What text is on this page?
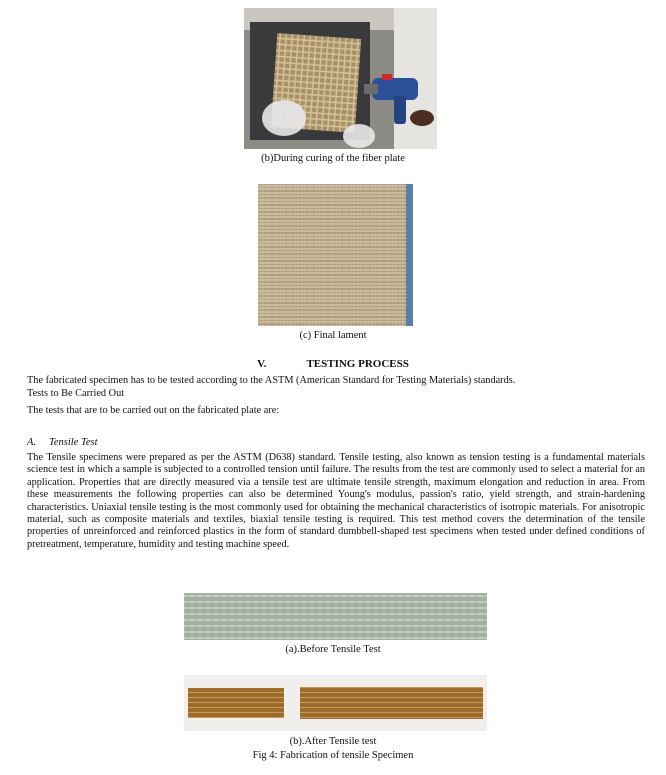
(b)During curing of the fiber plate
(c) Final lament
V.	TESTING PROCESS
The fabricated specimen has to be tested according to the ASTM (American Standard for Testing Materials) standards.
Tests to Be Carried Out
The tests that are to be carried out on the fabricated plate are:
A. Tensile Test
The Tensile specimens were prepared as per the ASTM (D638) standard. Tensile testing, also known as tension testing is a fundamental materials science test in which a sample is subjected to a controlled tension until failure. The results from the test are commonly used to select a material for an application. Properties that are directly measured via a tensile test are ultimate tensile strength, maximum elongation and reduction in area. From these measurements the following properties can also be determined Young's modulus, passion's ratio, yield strength, and strain-hardening characteristics. Uniaxial tensile testing is the most commonly used for obtaining the mechanical characteristics of isotropic materials. For anisotropic material, such as composite materials and textiles, biaxial tensile testing is required. This test method covers the determination of the tensile properties of unreinforced and reinforced plastics in the form of standard dumbbell-shaped test specimens when tested under defined conditions of pretreatment, temperature, humidity and testing machine speed.
(a).Before Tensile Test
(b).After Tensile test
Fig 4: Fabrication of tensile Specimen
